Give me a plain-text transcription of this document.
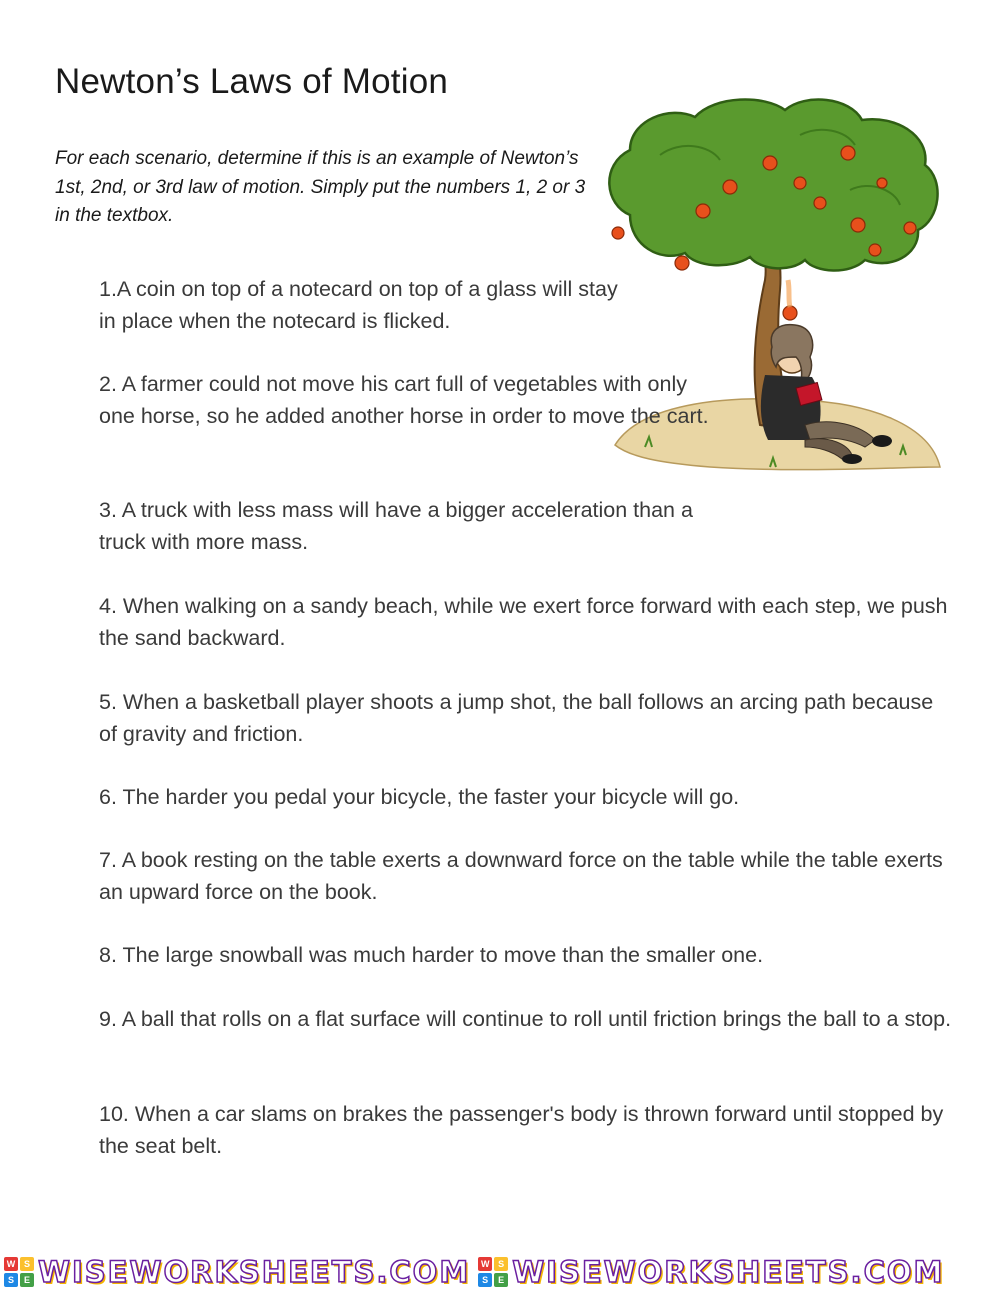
Newton’s Laws of Motion
For each scenario, determine if this is an example of Newton’s 1st, 2nd, or 3rd law of motion. Simply put the numbers 1, 2 or 3 in the textbox.

1.A coin on top of a notecard on top of a glass will stay in place when the notecard is flicked.

2. A farmer could not move his cart full of vegetables with only one horse, so he added another horse in order to move the cart.

3. A truck with less mass will have a bigger acceleration than a truck with more mass.

4. When walking on a sandy beach, while we exert force forward with each step, we push the sand backward.

5. When a basketball player shoots a jump shot, the ball follows an arcing path because of gravity and friction.

6. The harder you pedal your bicycle, the faster your bicycle will go.

7. A book resting on the table exerts a downward force on the table while the table exerts an upward force on the book.

8. The large snowball was much harder to move than the smaller one.

9. A ball that rolls on a flat surface will continue to roll until friction brings the ball to a stop.

10. When a car slams on brakes the passenger's body is thrown forward until stopped by the seat belt.

W S
S	E WISEWORKSHEETS.COM	W S
S	E WISEWORKSHEETS.COM
